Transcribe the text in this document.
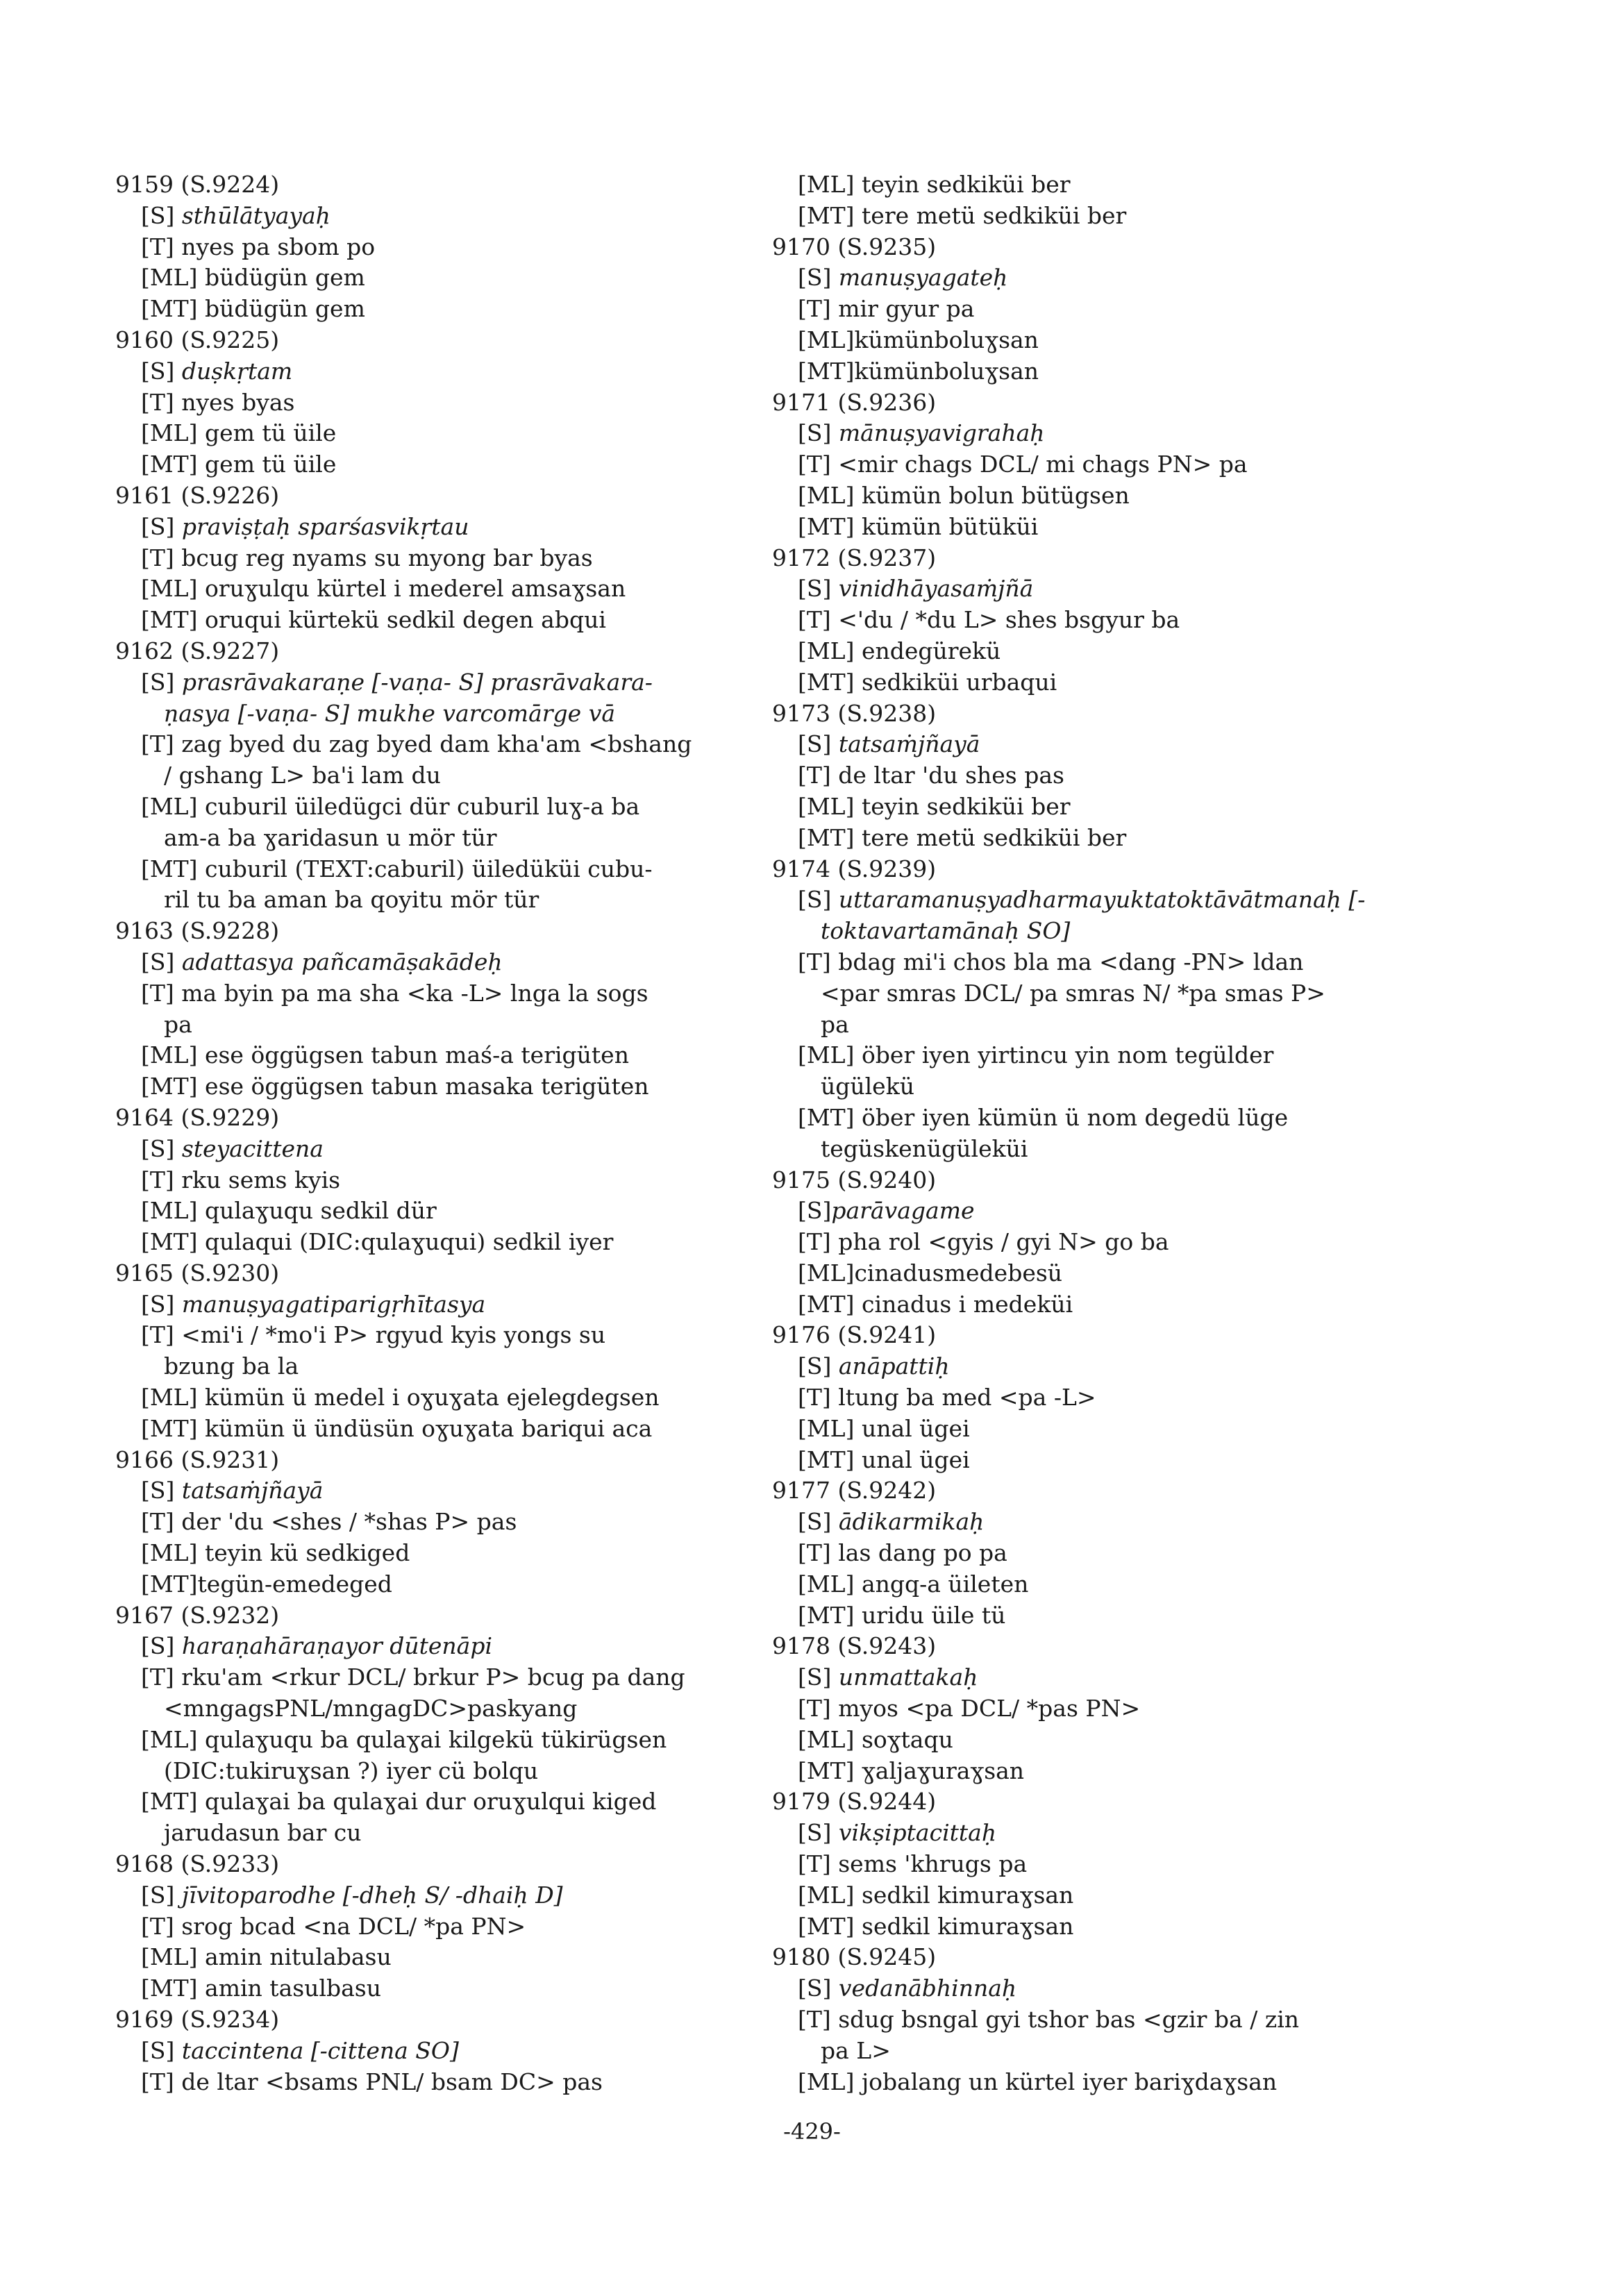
9159 (S.9224)
[S] sthūlātyayaḥ
[T] nyes pa sbom po
[ML] büdügün gem
[MT] büdügün gem
9160 (S.9225)
[S] duṣkṛtam
[T] nyes byas
[ML] gem tü üile
[MT] gem tü üile
9161 (S.9226)
[S] praviṣṭaḥ sparśasvikṛtau
[T] bcug reg nyams su myong bar byas
[ML] oruɣulqu kürtel i mederel amsaɣsan
[MT] oruqui kürtekü sedkil degen abqui
9162 (S.9227)
[S] prasrāvakaraṇe [-vaṇa- S] prasrāvakara-
ṇasya [-vaṇa- S] mukhe varcomārge vā
[T] zag byed du zag byed dam kha'am <bshang
/ gshang L> ba'i lam du
[ML] cuburil üiledügci dür cuburil luɣ-a ba
am-a ba ɣaridasun u mör tür
[MT] cuburil (TEXT:caburil) üiledüküi cubu-
ril tu ba aman ba qoyitu mör tür
9163 (S.9228)
[S] adattasya pañcamāṣakādeḥ
[T] ma byin pa ma sha <ka -L> lnga la sogs
pa
[ML] ese öggügsen tabun maś-a terigüten
[MT] ese öggügsen tabun masaka terigüten
9164 (S.9229)
[S] steyacittena
[T] rku sems kyis
[ML] qulaɣuqu sedkil dür
[MT] qulaqui (DIC:qulaɣuqui) sedkil iyer
9165 (S.9230)
[S] manuṣyagatiparigṛhītasya
[T] <mi'i / *mo'i P> rgyud kyis yongs su
bzung ba la
[ML] kümün ü medel i oɣuɣata ejelegdegsen
[MT] kümün ü ündüsün oɣuɣata bariqui aca
9166 (S.9231)
[S] tatsaṁjñayā
[T] der 'du <shes / *shas P> pas
[ML] teyin kü sedkiged
[MT]tegün-emedeged
9167 (S.9232)
[S] haraṇahāraṇayor dūtenāpi
[T] rku'am <rkur DCL/ brkur P> bcug pa dang
<mngagsPNL/mngagDC>paskyang
[ML] qulaɣuqu ba qulaɣai kilgekü tükirügsen
(DIC:tukiruɣsan ?) iyer cü bolqu
[MT] qulaɣai ba qulaɣai dur oruɣulqui kiged
jarudasun bar cu
9168 (S.9233)
[S] jīvitoparodhe [-dheḥ S/ -dhaiḥ D]
[T] srog bcad <na DCL/ *pa PN>
[ML] amin nitulabasu
[MT] amin tasulbasu
9169 (S.9234)
[S] taccintena [-cittena SO]
[T] de ltar <bsams PNL/ bsam DC> pas
[ML] teyin sedkiküi ber
[MT] tere metü sedkiküi ber
9170 (S.9235)
[S] manuṣyagateḥ
[T] mir gyur pa
[ML]kümünboluɣsan
[MT]kümünboluɣsan
9171 (S.9236)
[S] mānuṣyavigrahaḥ
[T] <mir chags DCL/ mi chags PN> pa
[ML] kümün bolun bütügsen
[MT] kümün bütüküi
9172 (S.9237)
[S] vinidhāyasaṁjñā
[T] <'du / *du L> shes bsgyur ba
[ML] endegürekü
[MT] sedkiküi urbaqui
9173 (S.9238)
[S] tatsaṁjñayā
[T] de ltar 'du shes pas
[ML] teyin sedkiküi ber
[MT] tere metü sedkiküi ber
9174 (S.9239)
[S] uttaramanuṣyadharmayuktatoktāvātmanaḥ [-
toktavartamānaḥ SO]
[T] bdag mi'i chos bla ma <dang -PN> ldan
<par smras DCL/ pa smras N/ *pa smas P>
pa
[ML] öber iyen yirtincu yin nom tegülder
ügülekü
[MT] öber iyen kümün ü nom degedü lüge
tegüskenügüleküi
9175 (S.9240)
[S]parāvagame
[T] pha rol <gyis / gyi N> go ba
[ML]cinadusmedebesü
[MT] cinadus i medeküi
9176 (S.9241)
[S] anāpattiḥ
[T] ltung ba med <pa -L>
[ML] unal ügei
[MT] unal ügei
9177 (S.9242)
[S] ādikarmikaḥ
[T] las dang po pa
[ML] angq-a üileten
[MT] uridu üile tü
9178 (S.9243)
[S] unmattakaḥ
[T] myos <pa DCL/ *pas PN>
[ML] soɣtaqu
[MT] ɣaljaɣuraɣsan
9179 (S.9244)
[S] vikṣiptacittaḥ
[T] sems 'khrugs pa
[ML] sedkil kimuraɣsan
[MT] sedkil kimuraɣsan
9180 (S.9245)
[S] vedanābhinnaḥ
[T] sdug bsngal gyi tshor bas <gzir ba / zin
pa L>
[ML] jobalang un kürtel iyer bariɣdaɣsan
-429-
